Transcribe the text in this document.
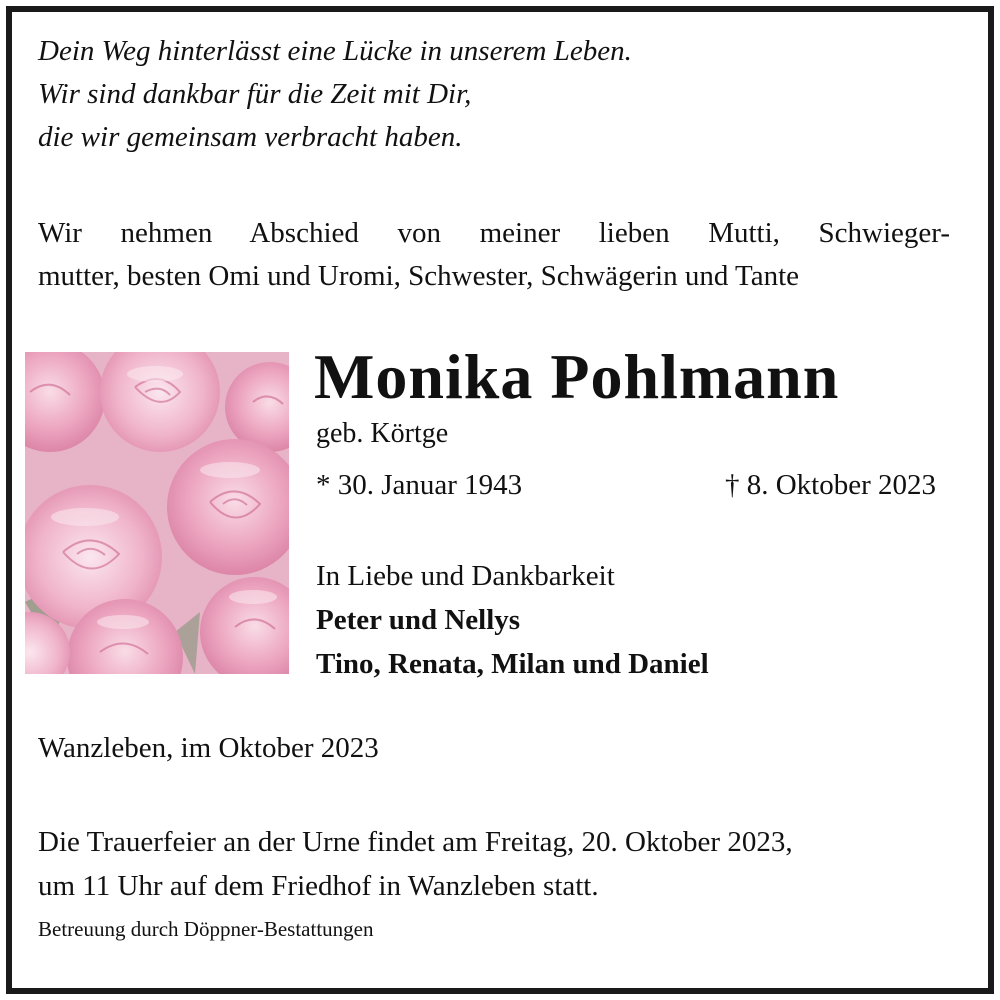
Dein Weg hinterlässt eine Lücke in unserem Leben.
Wir sind dankbar für die Zeit mit Dir,
die wir gemeinsam verbracht haben.
Wir nehmen Abschied von meiner lieben Mutti, Schwieger-
mutter, besten Omi und Uromi, Schwester, Schwägerin und Tante
Monika Pohlmann
geb. Körtge
* 30. Januar 1943	† 8. Oktober 2023
In Liebe und Dankbarkeit
Peter und Nellys
Tino, Renata, Milan und Daniel
Wanzleben, im Oktober 2023
Die Trauerfeier an der Urne findet am Freitag, 20. Oktober 2023,
um 11 Uhr auf dem Friedhof in Wanzleben statt.
Betreuung durch Döppner-Bestattungen
